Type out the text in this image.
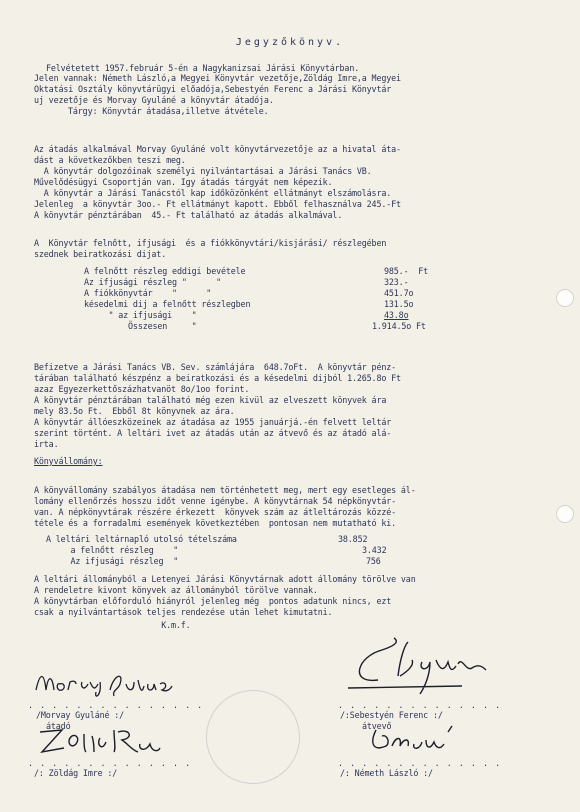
Jegyzőkönyv.
Felvétetett 1957.február 5-én a Nagykanizsai Járási Könyvtárban.
Jelen vannak: Németh László,a Megyei Könyvtár vezetője,Zöldág Imre,a Megyei
Oktatási Osztály könyvtárügyi előadója,Sebestyén Ferenc a Járási Könyvtár
uj vezetője és Morvay Gyuláné a könyvtár átadója.
Tárgy: Könyvtár átadása,illetve átvétele.
Az átadás alkalmával Morvay Gyuláné volt könyvtárvezetője az a hivatal áta-
dást a következőkben teszi meg.
A könyvtár dolgozóinak személyi nyilvántartásai a Járási Tanács VB.
Művelődésügyi Csoportján van. Igy átadás tárgyát nem képezik.
A könyvtár a Járási Tanácstól kap időközönként ellátmányt elszámolásra.
Jelenleg  a könyvtár 3oo.- Ft ellátmányt kapott. Ebből felhasználva 245.-Ft
A könyvtár pénztárában  45.- Ft található az átadás alkalmával.
A  Könyvtár felnőtt, ifjusági  és a fiókkönyvtári/kisjárási/ részlegében
szednek beiratkozási dijat.
A felnőtt részleg eddigi bevétele	985.-  Ft
Az ifjusági részleg "      "	323.-
A fiókkönyvtár    "      "	451.7o
késedelmi dij a felnőtt részlegben	131.5o
" az ifjusági    "	43.8o
Összesen     "	1.914.5o Ft
Befizetve a Járási Tanács VB. Sev. számlájára  648.7oFt.  A könyvtár pénz-
tárában található készpénz a beiratkozási és a késedelmi dijból 1.265.8o Ft
azaz Egyezerkettőszázhatvanöt 8o/1oo forint.
A könyvtár pénztárában található még ezen kivül az elveszett könyvek ára
mely 83.5o Ft.  Ebből 8t könyvnek az ára.
A könyvtár állóeszközeinek az átadása az 1955 januárjá.-én felvett leltár
szerint történt. A leltári ivet az átadás után az átvevő és az átadó alá-
irta.
Könyvállomány:
A könyvállomány szabályos átadása nem történhetett meg, mert egy esetleges ál-
lomány ellenőrzés hosszu időt venne igénybe. A könyvtárnak 54 népkönyvtár-
van. A népkönyvtárak részére érkezett  könyvek szám az átleltározás közzé-
tétele és a forradalmi események következtében  pontosan nem mutatható ki.
A leltári leltárnapló utolsó tételszáma	38.852
a felnőtt részleg    "	3.432
Az ifjusági részleg  "	756
A leltári állományból a Letenyei Járási Könyvtárnak adott állomány törölve van
A rendeletre kivont könyvek az állományból törölve vannak.
A könyvtárban előforduló hiányról jelenleg még  pontos adatunk nincs, ezt
csak a nyilvántartások teljes rendezése után lehet kimutatni.
K.m.f.
. . . . . . . . . . . . . . .	. . . . . . . . . . . . . .
/Morvay Gyuláné :/
átadó
/:Sebestyén Ferenc :/
átvevő
. . . . . . . . . . . . . .	. . . . . . . . . . . . . .
/: Zöldág Imre :/	/: Németh László :/
